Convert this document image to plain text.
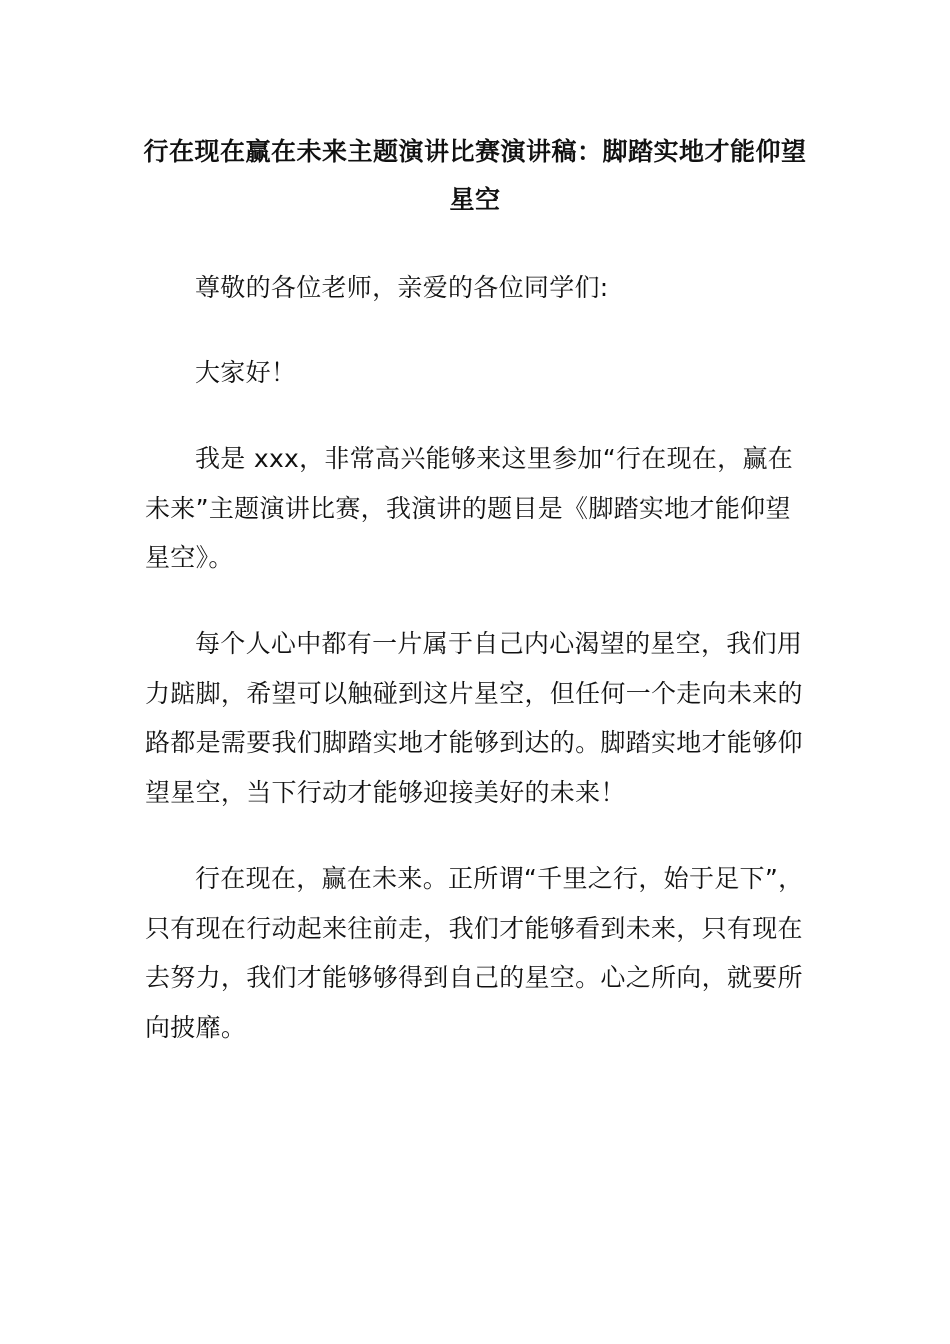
行在现在赢在未来主题演讲比赛演讲稿：脚踏实地才能仰望星空

尊敬的各位老师，亲爱的各位同学们:

大家好！

我是 xxx，非常高兴能够来这里参加“行在现在，赢在未来”主题演讲比赛，我演讲的题目是《脚踏实地才能仰望星空》。

每个人心中都有一片属于自己内心渴望的星空，我们用力踮脚，希望可以触碰到这片星空，但任何一个走向未来的路都是需要我们脚踏实地才能够到达的。脚踏实地才能够仰望星空，当下行动才能够迎接美好的未来！

行在现在，赢在未来。正所谓“千里之行，始于足下”，只有现在行动起来往前走，我们才能够看到未来，只有现在去努力，我们才能够够得到自己的星空。心之所向，就要所向披靡。
